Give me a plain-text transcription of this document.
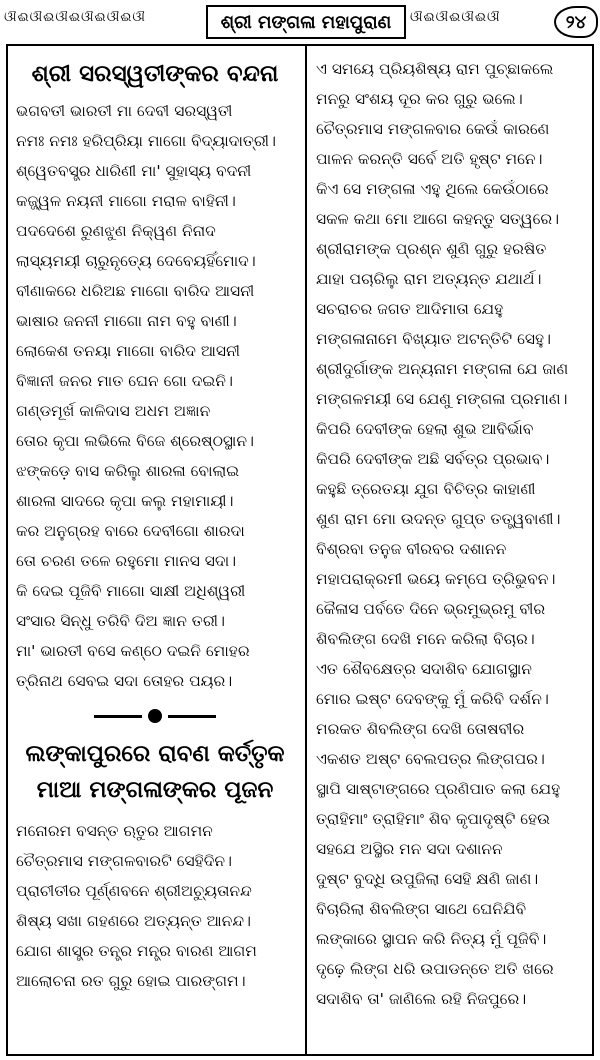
ଔଈଔଈଔଈଔଈଔଈଔ	ଶ୍ରୀ ମଙ୍ଗଳା ମହାପୁରାଣ	ଔଈଔଈଔଈଔ	୨୪
ଶ୍ରୀ ସରସ୍ୱତୀଙ୍କର ବନ୍ଦନା
ଭଗବତୀ ଭାରତୀ ମା ଦେବୀ ସରସ୍ୱତୀ
ନମଃ ନମଃ ହରିପ୍ରିୟା ମାଗୋ ବିଦ୍ୟାଦାତ୍ରୀ।
ଶ୍ୱେତବସ୍ତ୍ର ଧାରିଣୀ ମା' ସୁହାସ୍ୟ ବଦନୀ
କଜ୍ଜ୍ୱଳ ନୟନୀ ମାଗୋ ମରାଳ ବାହିନୀ।
ପଦଦେଶେ ରୁଣଝୁଣ ନିକ୍ୱଣ ନିନାଦ
ଲାସ୍ୟମୟୀ ଚାରୁନୃତ୍ୟେ ଦେବେୟହିଁମୋଦ।
ବୀଣାକରେ ଧରିଅଛ ମାଗୋ ବାରିଦ ଆସନୀ
ଭାଷାର ଜନନୀ ମାଗୋ ନାମ ବହୁ ବାଣୀ।
ଲୋକେଶ ତନୟା ମାଗୋ ବାରିଦ ଆସନୀ
ବିଜ୍ଞାନୀ ଜନର ମାତ ଘେନ ଗୋ ଦଇନି।
ଗଣ୍ଡମୂର୍ଖ କାଳିଦାସ ଅଧମ ଅଜ୍ଞାନ
ତୋର କୃପା ଲଭିଲେ ବିଜେ ଶ୍ରେଷ୍ଠସ୍ଥାନ।
ଝଙ୍କଡ଼େ ବାସ କରିଲୁ ଶାରଳା ବୋଲାଇ
ଶାରଳା ସାଦରେ କୃପା କଲୁ ମହାମାୟୀ।
କର ଅନୁଗ୍ରହ ବାରେ ଦେବୀଗୋ ଶାରଦା
ତୋ ଚରଣ ତଳେ ରହୁମୋ ମାନସ ସଦା।
କି ଦେଇ ପୂଜିବି ମାଗୋ ସାକ୍ଷୀ ଅଧିଶ୍ୱରୀ
ସଂସାର ସିନ୍ଧୁ ତରିବି ଦିଅ ଜ୍ଞାନ ତରୀ।
ମା' ଭାରତୀ ବସେ କଣ୍ଠେ ଦଇନି ମୋହର
ତ୍ରିନାଥ ସେବଇ ସଦା ତୋହର ପୟର।
ଲଙ୍କାପୁରରେ ରାବଣ କର୍ତ୍ତୃକ
ମାଆ ମଙ୍ଗଳାଙ୍କର ପୂଜନ
ମନୋରମ ବସନ୍ତ ଋତୁର ଆଗମନ
ଚୈତ୍ରମାସ ମଙ୍ଗଳବାରଟି ସେହିଦିନ।
ପ୍ରାଚୀତୀର ପୂର୍ଣ୍ଣବନେ ଶ୍ରୀଅଚ୍ୟୁତାନନ୍ଦ
ଶିଷ୍ୟ ସଖା ଗହଣରେ ଅତ୍ୟନ୍ତ ଆନନ୍ଦ।
ଯୋଗ ଶାସ୍ତ୍ର ତନ୍ତ୍ର ମନ୍ତ୍ର ବାରଣ ଆଗମ
ଆଲୋଚନା ରତ ଗୁରୁ ହୋଇ ପାରଙ୍ଗମ।
ଏ ସମୟେ ପ୍ରିୟଶିଷ୍ୟ ରାମ ପୁଚ୍ଛାକଲେ
ମନରୁ ସଂଶୟ ଦୂର କର ଗୁରୁ ଭଲେ।
ଚୈତ୍ରମାସ ମଙ୍ଗଳବାର କେଉଁ କାରଣେ
ପାଳନ କରନ୍ତି ସର୍ବେ ଅତି ହୃଷ୍ଟ ମନେ।
କିଏ ସେ ମଙ୍ଗଳା ଏହୁ ଥିଲେ କେଉଁଠାରେ
ସକଳ କଥା ମୋ ଆଗେ କହନ୍ତୁ ସତ୍ୱରେ।
ଶ୍ରୀରାମଙ୍କ ପ୍ରଶ୍ନ ଶୁଣି ଗୁରୁ ହରଷିତ
ଯାହା ପଚାରିଲୁ ରାମ ଅତ୍ୟନ୍ତ ଯଥାର୍ଥ।
ସଚରାଚର ଜଗତ ଆଦିମାତା ଯେହୁ
ମଙ୍ଗଳାନାମେ ବିଖ୍ୟାତ ଅଟନ୍ତିଟି ସେହୁ।
ଶ୍ରୀଦୁର୍ଗାଙ୍କ ଅନ୍ୟନାମ ମଙ୍ଗଳା ଯେ ଜାଣ
ମଙ୍ଗଳମୟୀ ସେ ଯେଣୁ ମଙ୍ଗଳା ପ୍ରମାଣ।
କିପରି ଦେବୀଙ୍କ ହେଲା ଶୁଭ ଆବିର୍ଭାବ
କିପରି ଦେବୀଙ୍କ ଅଛି ସର୍ବତ୍ର ପ୍ରଭାବ।
କହୁଛି ତ୍ରେତୟା ଯୁଗ ବିଚିତ୍ର କାହାଣୀ
ଶୁଣ ରାମ ମୋ ଉଦନ୍ତ ଗୁପ୍ତ ତତ୍ତ୍ୱବାଣୀ।
ବିଶ୍ରବା ତନୁଜ ବୀରବର ଦଶାନନ
ମହାପରାକ୍ରମୀ ଭୟେ କମ୍ପେ ତ୍ରିଭୁବନ।
କୈଳାସ ପର୍ବତେ ଦିନେ ଭ୍ରମୁଭ୍ରମୁ ବୀର
ଶିବଲିଙ୍ଗ ଦେଖି ମନେ କରିଲା ବିଚାର।
ଏତ ଶୈବକ୍ଷେତ୍ର ସଦାଶିବ ଯୋଗସ୍ଥାନ
ମୋର ଇଷ୍ଟ ଦେବଙ୍କୁ ମୁଁ କରିବି ଦର୍ଶନ।
ମରକତ ଶିବଲିଙ୍ଗ ଦେଖି ତୋଷବୀର
ଏକଶତ ଅଷ୍ଟ ବେଲପତ୍ର ଲିଙ୍ଗପର।
ସ୍ଥାପି ସାଷ୍ଟାଙ୍ଗରେ ପ୍ରଣିପାତ କଲା ଯେହୁ
ତ୍ରାହିମାଂ ତ୍ରାହିମାଂ ଶିବ କୃପାଦୃଷ୍ଟି ହେଉ
ସହଯେ ଅସ୍ଥିର ମନ ସଦା ଦଶାନନ
ଦୁଷ୍ଟ ବୁଦ୍ଧି ଉପୁଜିଲା ସେହି କ୍ଷଣି ଜାଣ।
ବିଚାରିଲା ଶିବଲିଙ୍ଗ ସାଥେ ଘେନିଯିବି
ଲଙ୍କାରେ ସ୍ଥାପନ କରି ନିତ୍ୟ ମୁଁ ପୂଜିବି।
ଦୃଢ଼େ ଲିଙ୍ଗ ଧରି ଉପାଡନ୍ତେ ଅତି ଖରେ
ସଦାଶିବ ତା' ଜାଣିଲେ ରହି ନିଜପୁରେ।
